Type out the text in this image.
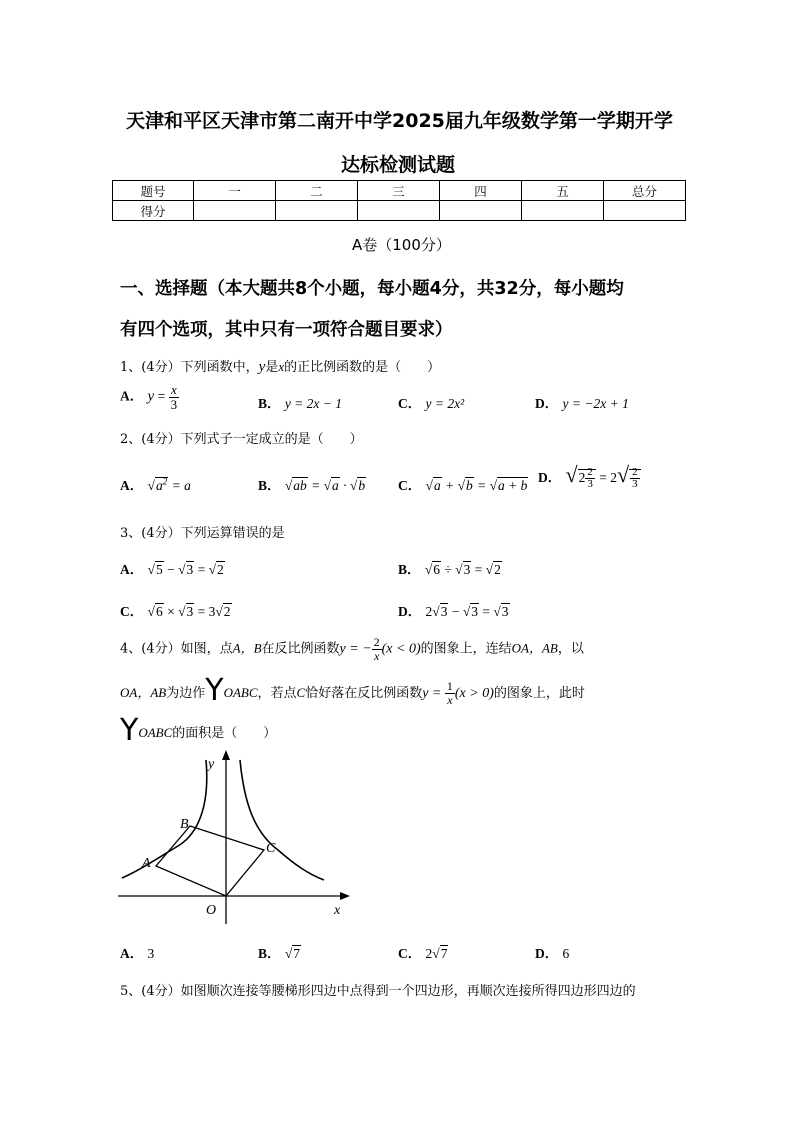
天津和平区天津市第二南开中学2025届九年级数学第一学期开学
达标检测试题
题号	一	二	三	四	五	总分
得分						
A卷（100分）
一、选择题（本大题共8个小题，每小题4分，共32分，每小题均
有四个选项，其中只有一项符合题目要求）
1、(4分）下列函数中，y是x的正比例函数的是（　　）
A． $y = \frac{x}{3}$	B． y = 2x − 1	C． y = 2x²	D． y = −2x + 1
2、(4分）下列式子一定成立的是（　　）
A． $√a^2 = a$	B． √ab = √a · √b C． √a + √b = √a + b
D． $√2 \frac{2}{3} = 2√ \frac{2}{3}$
3、(4分）下列运算错误的是
A． √5 − √3 = √2	B． √6 ÷ √3 = √2
C． √6 × √3 = 3√2	D． 2√3 − √3 = √3
4、(4分）如图，点A，B在反比例函数y = − $\frac{2}{x} (x < 0)$的图象上，连结OA，AB，以
OA，AB为边作YOABC，若点C恰好落在反比例函数$y = \frac{1}{x} (x > 0)$的图象上，此时
YOABC的面积是（　　）
y
x
O
A
B
C
A． 3	B． √7	C． 2√7	D． 6
5、(4分）如图顺次连接等腰梯形四边中点得到一个四边形，再顺次连接所得四边形四边的
